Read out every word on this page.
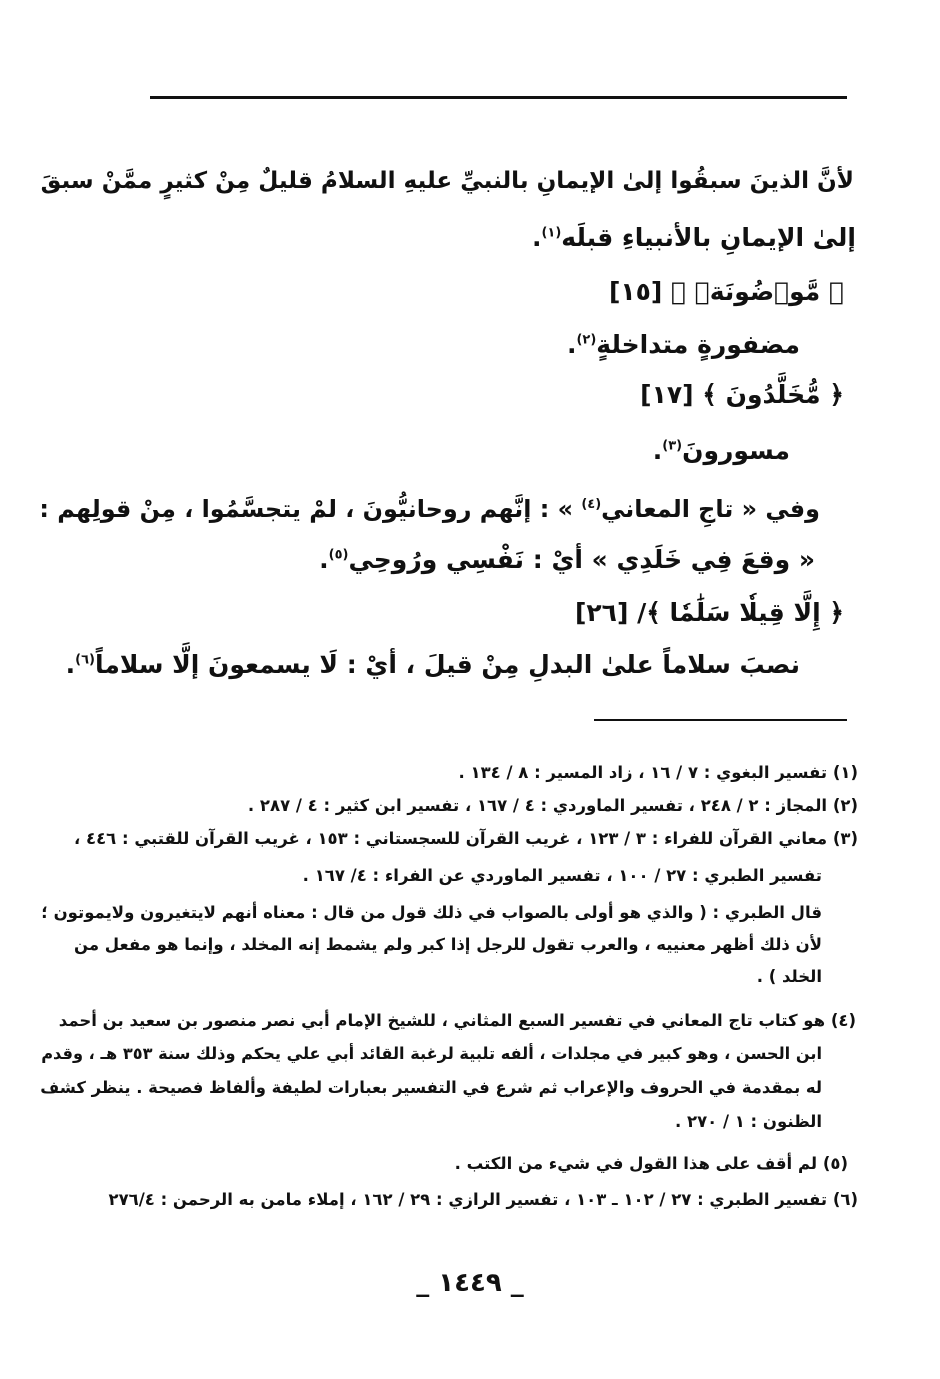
لأنَّ الذينَ سبقُوا إلىٰ الإيمانِ بالنبيِّ عليهِ السلامُ قليلٌ مِنْ كثيرٍ ممَّنْ سبقَ
إلىٰ الإيمانِ بالأنبياءِ قبلَه$^{(١)}$.
﴿ مَّوۡضُونَةٖ ﴾ [١٥]
مضفورةٍ متداخلةٍ$^{(٢)}$.
﴿ مُّخَلَّدُونَ ﴾ [١٧]
مسورونَ$^{(٣)}$.
وفي « تاجِ المعاني$^{(٤)}$ » : إنَّهم روحانيُّونَ ، لمْ يتجسَّمُوا ، مِنْ قولِهم :
« وقعَ فِي خَلَدِي » أيْ : نَفْسِي ورُوحِي$^{(٥)}$.
﴿ إِلَّا قِيلٗا سَلَٰمٗا ﴾/ [٢٦]
نصبَ سلاماً علىٰ البدلِ مِنْ قيلَ ، أيْ : لَا يسمعونَ إلَّا سلاماً$^{(٦)}$.
(١) تفسير البغوي : ٧ / ١٦ ، زاد المسير : ٨ / ١٣٤ .
(٢) المجاز : ٢ / ٢٤٨ ، تفسير الماوردي : ٤ / ١٦٧ ، تفسير ابن كثير : ٤ / ٢٨٧ .
(٣) معاني القرآن للفراء : ٣ / ١٢٣ ، غريب القرآن للسجستاني : ١٥٣ ، غريب القرآن للقتبي : ٤٤٦ ،
تفسير الطبري : ٢٧ / ١٠٠ ، تفسير الماوردي عن الفراء : ٤/ ١٦٧ .
قال الطبري : ( والذي هو أولى بالصواب في ذلك قول من قال : معناه أنهم لايتغيرون ولايموتون ؛
لأن ذلك أظهر معنييه ، والعرب تقول للرجل إذا كبر ولم يشمط إنه المخلد ، وإنما هو مفعل من
الخلد ) .
(٤) هو كتاب تاج المعاني في تفسير السبع المثاني ، للشيخ الإمام أبي نصر منصور بن سعيد بن أحمد
ابن الحسن ، وهو كبير في مجلدات ، ألفه تلبية لرغبة القائد أبي علي يحكم وذلك سنة ٣٥٣ هـ ، وقدم
له بمقدمة في الحروف والإعراب ثم شرع في التفسير بعبارات لطيفة وألفاظ فصيحة . ينظر كشف
الظنون : ١ / ٢٧٠ .
(٥) لم أقف على هذا القول في شيء من الكتب .
(٦) تفسير الطبري : ٢٧ / ١٠٢ ـ ١٠٣ ، تفسير الرازي : ٢٩ / ١٦٢ ، إملاء مامن به الرحمن : ٢٧٦/٤
_ ١٤٤٩ _
